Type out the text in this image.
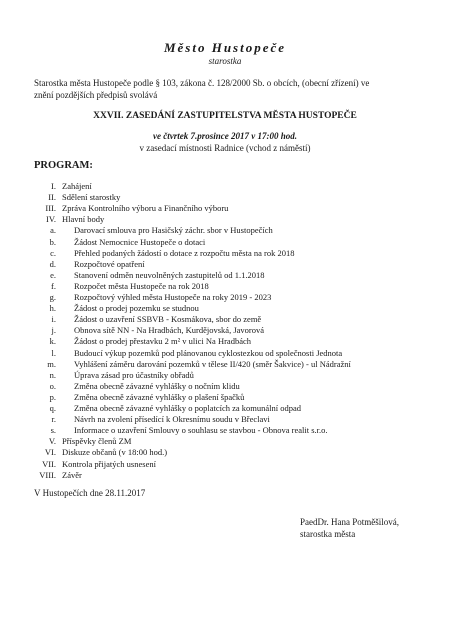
Město Hustopeče
starostka
Starostka města Hustopeče podle § 103, zákona č. 128/2000 Sb. o obcích, (obecní zřízení) ve
znění pozdějších předpisů svolává
XXVII. ZASEDÁNÍ ZASTUPITELSTVA MĚSTA HUSTOPEČE
ve čtvrtek 7.prosince 2017 v 17:00 hod.
v zasedací místnosti Radnice (vchod z náměstí)
PROGRAM:
I. Zahájení
II. Sdělení starostky
III. Zpráva Kontrolního výboru a Finančního výboru
IV. Hlavní body
a. Darovací smlouva pro Hasičský záchr. sbor v Hustopečích
b. Žádost Nemocnice Hustopeče o dotaci
c. Přehled podaných žádostí o dotace z rozpočtu města na rok 2018
d. Rozpočtové opatření
e. Stanovení odměn neuvolněných zastupitelů od 1.1.2018
f. Rozpočet města Hustopeče na rok 2018
g. Rozpočtový výhled města Hustopeče na roky 2019 - 2023
h. Žádost o prodej pozemku se studnou
i. Žádost o uzavření SSBVB - Kosmákova, sbor do země
j. Obnova sítě NN - Na Hradbách, Kurdějovská, Javorová
k. Žádost o prodej přestavku 2 m² v ulici Na Hradbách
l. Budoucí výkup pozemků pod plánovanou cyklostezkou od společnosti Jednota
m. Vyhlášení záměru darování pozemků v tělese II/420 (směr Šakvice) - ul Nádražní
n. Úprava zásad pro účastníky obřadů
o. Změna obecně závazné vyhlášky o nočním klidu
p. Změna obecně závazné vyhlášky o plašení špačků
q. Změna obecně závazné vyhlášky o poplatcích za komunální odpad
r. Návrh na zvolení přísedící k Okresnímu soudu v Břeclavi
s. Informace o uzavření Smlouvy o souhlasu se stavbou - Obnova realit s.r.o.
V. Příspěvky členů ZM
VI. Diskuze občanů (v 18:00 hod.)
VII. Kontrola přijatých usnesení
VIII. Závěr
V Hustopečích dne 28.11.2017
PaedDr. Hana Potměšilová,
starostka města
